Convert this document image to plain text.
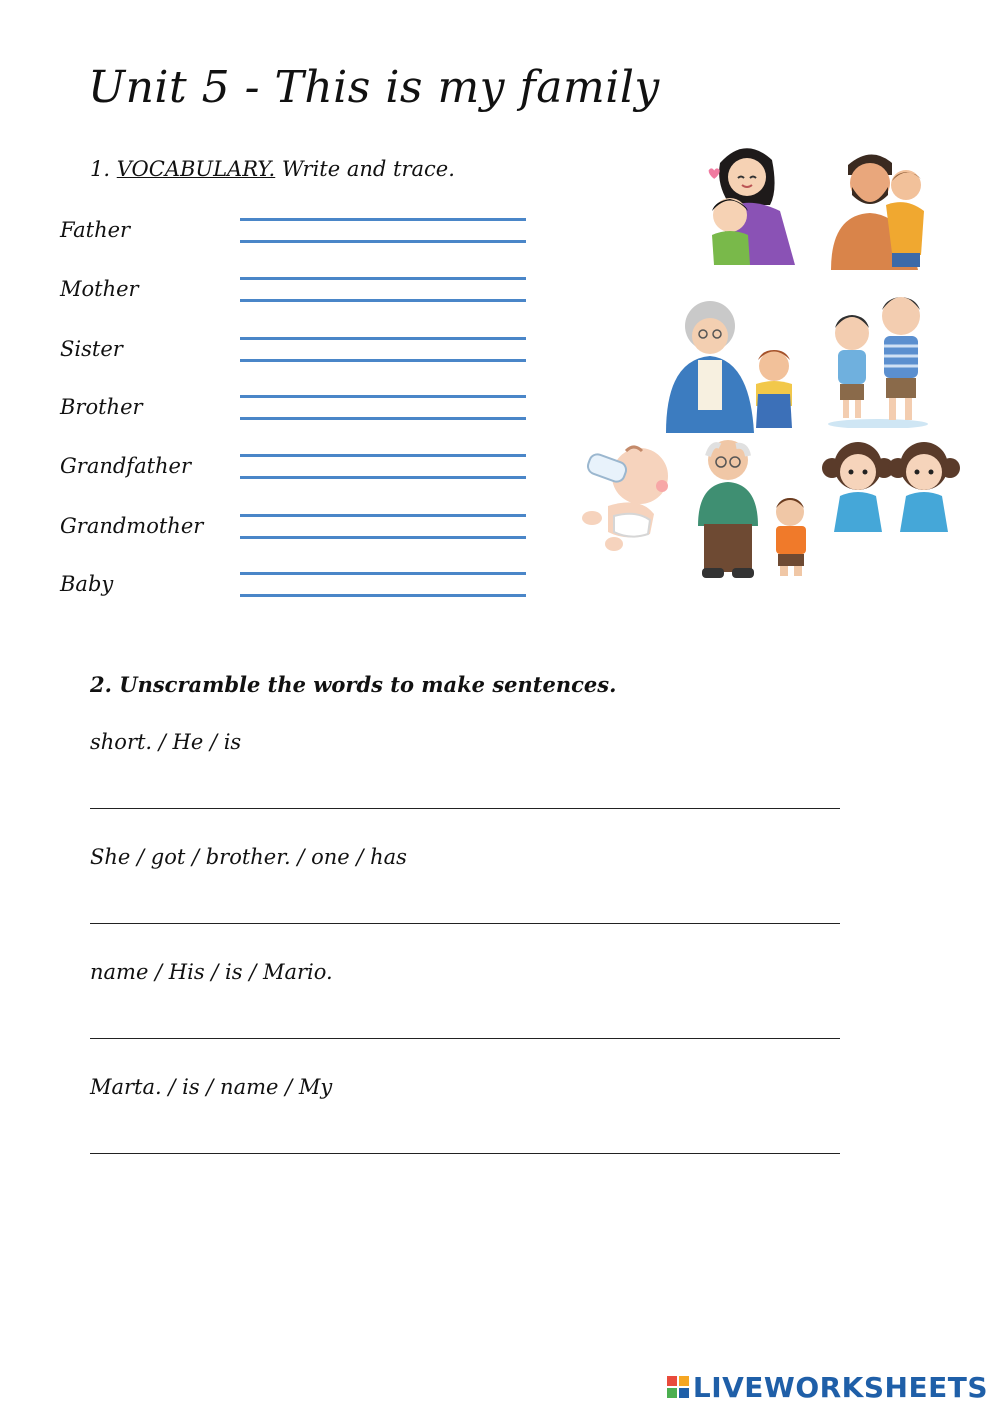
Unit 5 - This is my family
1. VOCABULARY. Write and trace.
Father
Mother
Sister
Brother
Grandfather
Grandmother
Baby
2. Unscramble the words to make sentences.
short. / He / is
She / got / brother. / one / has
name / His / is / Mario.
Marta. / is / name / My
LIVEWORKSHEETS
